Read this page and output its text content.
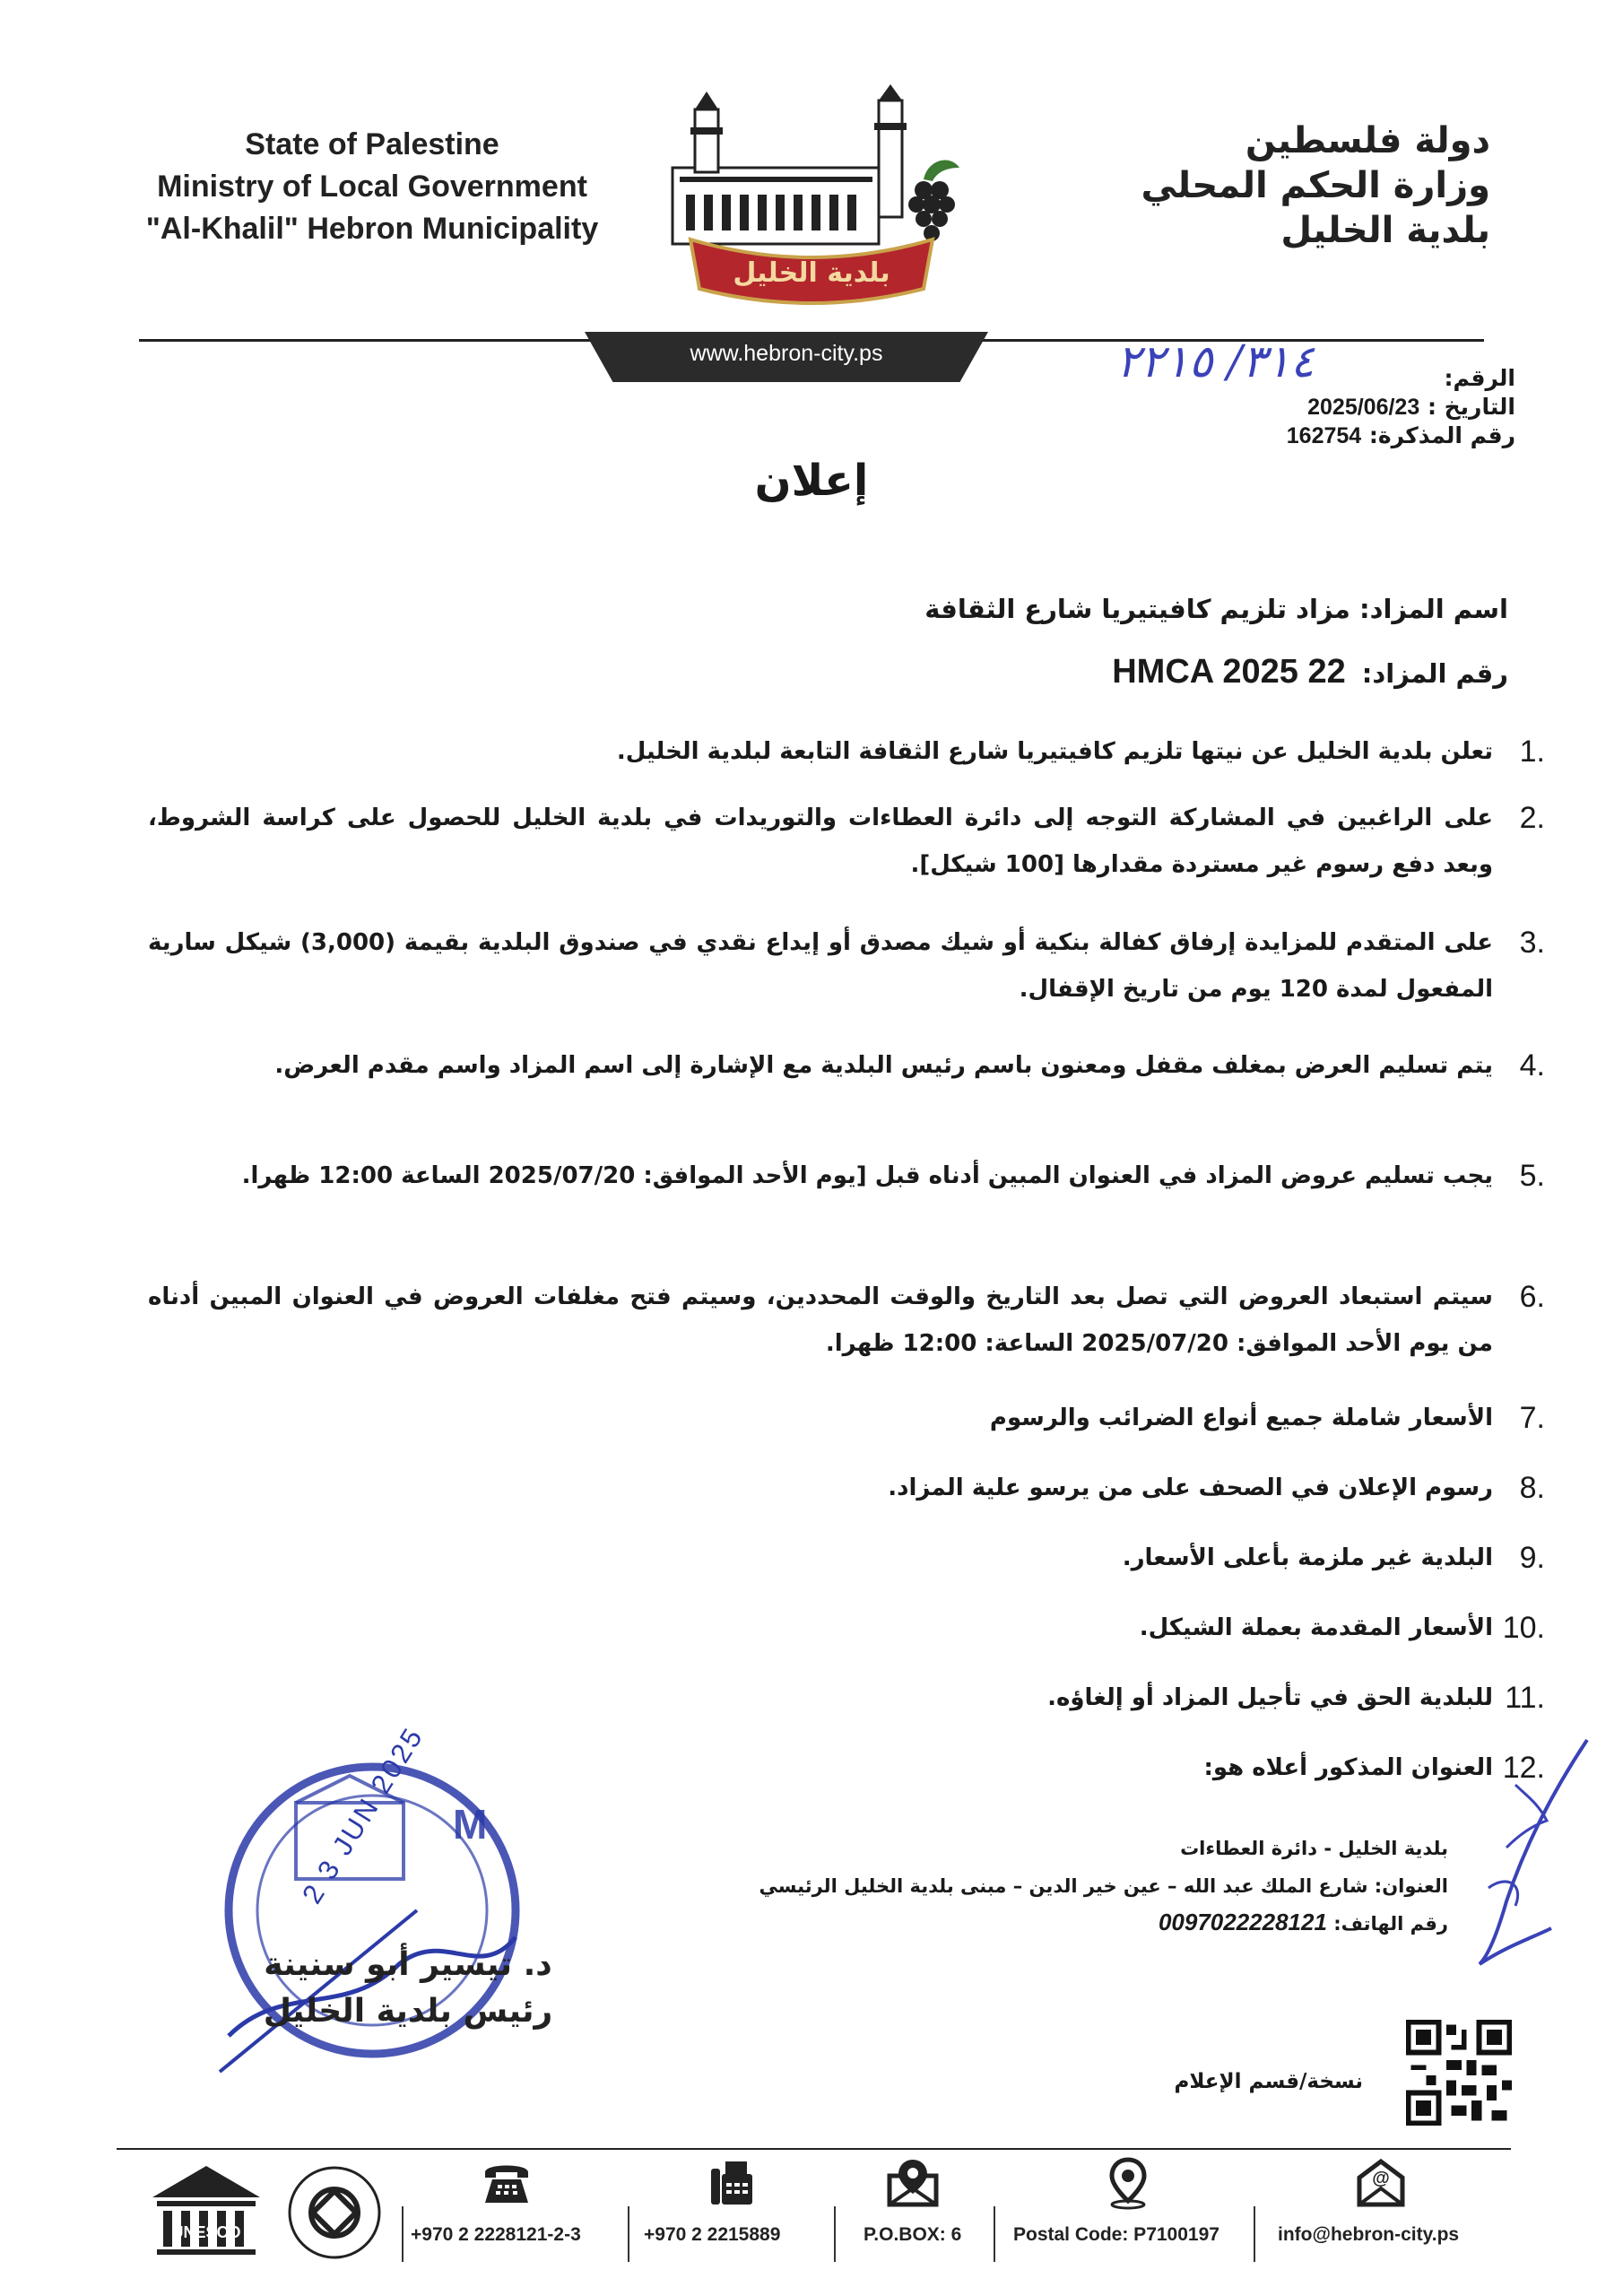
State of Palestine
Ministry of Local Government
"Al-Khalil" Hebron Municipality
بلدية الخليل
دولة فلسطين
وزارة الحكم المحلي
بلدية الخليل
www.hebron-city.ps	٣١٤/ ٢٢١٥	الرقم:
التاريخ : 2025/06/23
رقم المذكرة: 162754
إعلان
اسم المزاد: مزاد تلزيم كافيتيريا شارع الثقافة
رقم المزاد:HMCA 2025 22
1.
تعلن بلدية الخليل عن نيتها تلزيم كافيتيريا شارع الثقافة التابعة لبلدية الخليل.
2.
على الراغبين في المشاركة التوجه إلى دائرة العطاءات والتوريدات في بلدية الخليل للحصول على كراسة الشروط، وبعد دفع رسوم غير مستردة مقدارها [100 شيكل].
3.
على المتقدم للمزايدة إرفاق كفالة بنكية أو شيك مصدق أو إيداع نقدي في صندوق البلدية بقيمة (3,000) شيكل سارية المفعول لمدة 120 يوم من تاريخ الإقفال.
4.
يتم تسليم العرض بمغلف مقفل ومعنون باسم رئيس البلدية مع الإشارة إلى اسم المزاد واسم مقدم العرض.
5.
يجب تسليم عروض المزاد في العنوان المبين أدناه قبل [يوم الأحد الموافق: 2025/07/20 الساعة 12:00 ظهرا.
6.
سيتم استبعاد العروض التي تصل بعد التاريخ والوقت المحددين، وسيتم فتح مغلفات العروض في العنوان المبين أدناه من يوم الأحد الموافق: 2025/07/20 الساعة: 12:00 ظهرا.
7.
الأسعار شاملة جميع أنواع الضرائب والرسوم
8.
رسوم الإعلان في الصحف على من يرسو علية المزاد.
9.
البلدية غير ملزمة بأعلى الأسعار.
10.
الأسعار المقدمة بعملة الشيكل.
11.
للبلدية الحق في تأجيل المزاد أو إلغاؤه.
12.
العنوان المذكور أعلاه هو:
بلدية الخليل - دائرة العطاءات
العنوان: شارع الملك عبد الله – عين خير الدين – مبنى بلدية الخليل الرئيسي
رقم الهاتف: 0097022228121
M
2 3 JUN 2025
د. تيسير أبو سنينة
رئيس بلدية الخليل
نسخة/قسم الإعلام
UNESCO	+970 2 2228121-2-3	+970 2 2215889	P.O.BOX: 6	Postal Code: P7100197
@
info@hebron-city.ps
